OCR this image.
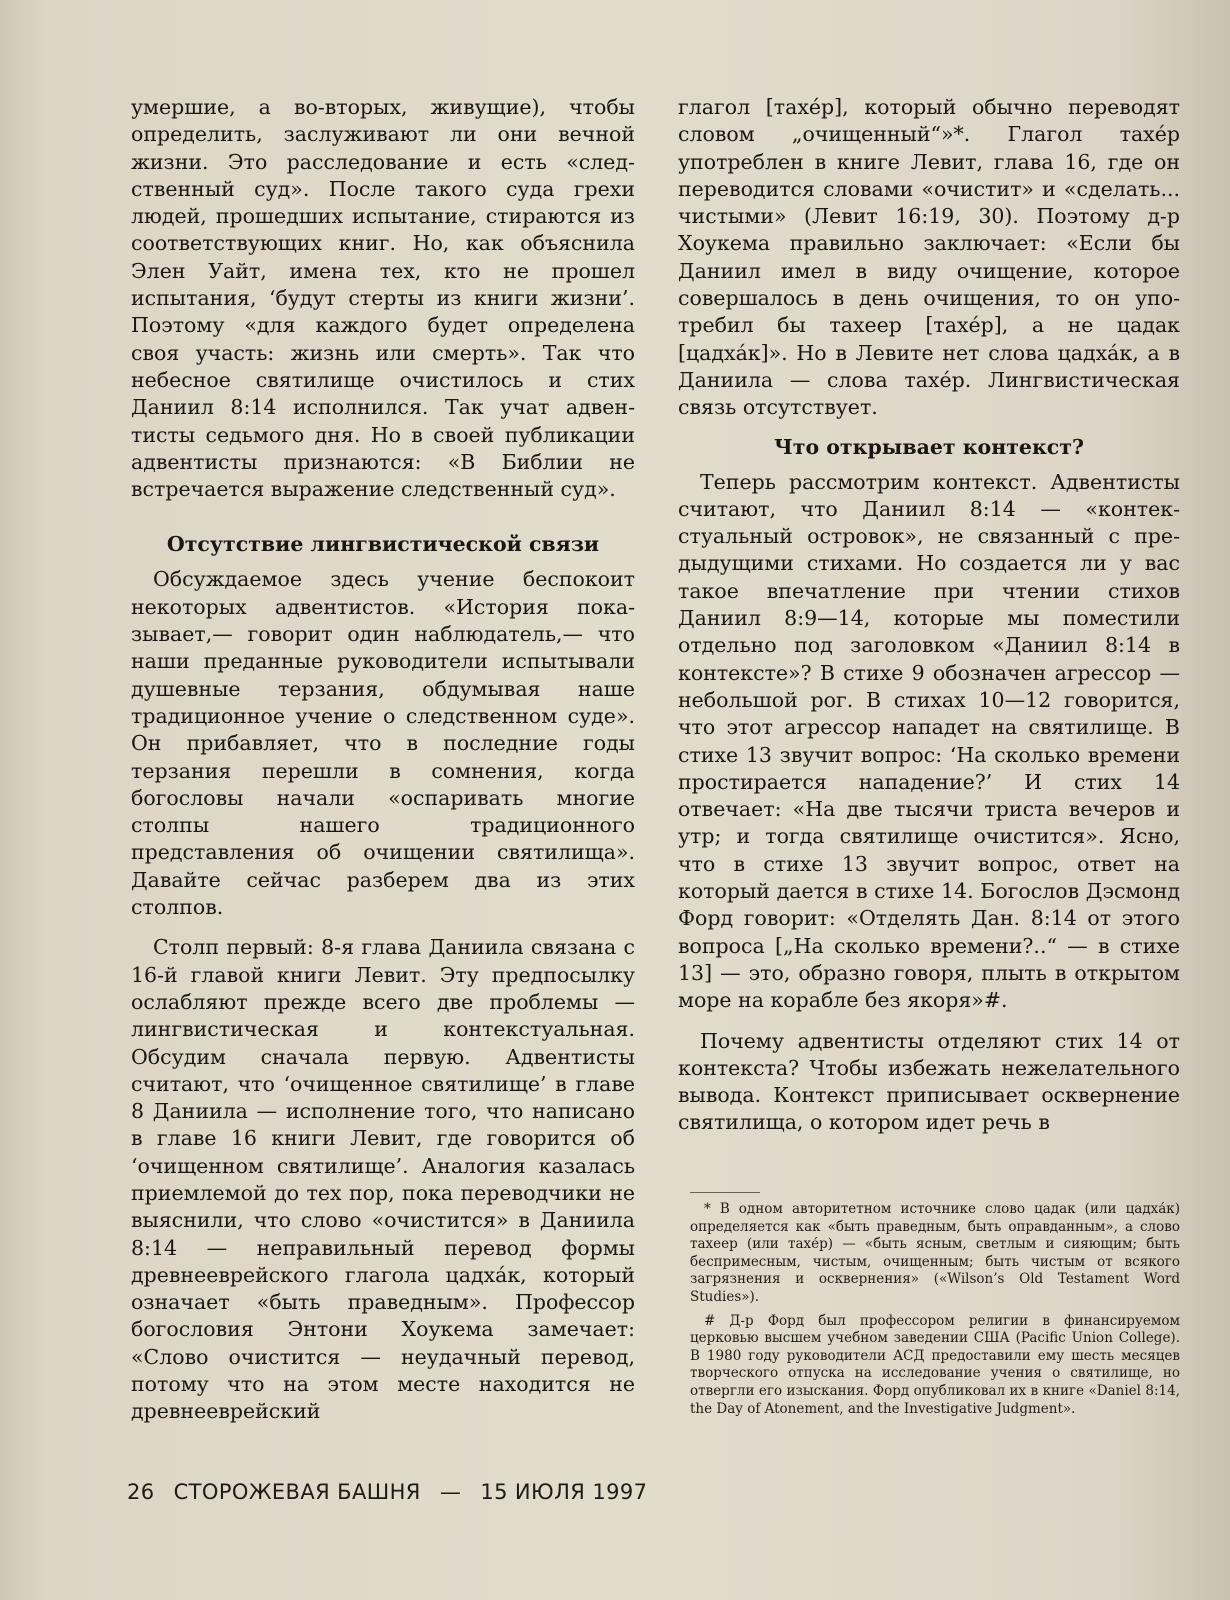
умершие, а во-вторых, живущие), чтобы определить, заслуживают ли они вечной жизни. Это расследование и есть «следственный суд». После такого суда грехи людей, прошедших испытание, стираются из соответствующих книг. Но, как объяснила Элен Уайт, имена тех, кто не прошел испытания, ‘будут стерты из книги жизни’. Поэтому «для каждого будет определена своя участь: жизнь или смерть». Так что небесное святилище очистилось и стих Даниил 8:14 исполнился. Так учат адвентисты седьмого дня. Но в своей публикации адвентисты признаются: «В Библии не встречается выражение следственный суд».

Отсутствие лингвистической связи

Обсуждаемое здесь учение беспокоит некоторых адвентистов. «История показывает,— говорит один наблюдатель,— что наши преданные руководители испытывали душевные терзания, обдумывая наше традиционное учение о следственном суде». Он прибавляет, что в последние годы терзания перешли в сомнения, когда богословы начали «оспаривать многие столпы нашего традиционного представления об очищении святилища». Давайте сейчас разберем два из этих столпов.

Столп первый: 8-я глава Даниила связана с 16-й главой книги Левит. Эту предпосылку ослабляют прежде всего две проблемы — лингвистическая и контекстуальная. Обсудим сначала первую. Адвентисты считают, что ‘очищенное святилище’ в главе 8 Даниила — исполнение того, что написано в главе 16 книги Левит, где говорится об ‘очищенном святилище’. Аналогия казалась приемлемой до тех пор, пока переводчики не выяснили, что слово «очистится» в Даниила 8:14 — неправильный перевод формы древнееврейского глагола цадха́к, который означает «быть праведным». Профессор богословия Энтони Хоукема замечает: «Слово очистится — неудачный перевод, потому что на этом месте находится не древнееврейский

глагол [тахе́р], который обычно переводят словом „очищенный“»*. Глагол тахе́р употреблен в книге Левит, глава 16, где он переводится словами «очистит» и «сделать... чистыми» (Левит 16:19, 30). Поэтому д-р Хоукема правильно заключает: «Если бы Даниил имел в виду очищение, которое совершалось в день очищения, то он употребил бы тахеер [тахе́р], а не цадак [цадха́к]». Но в Левите нет слова цадха́к, а в Даниила — слова тахе́р. Лингвистическая связь отсутствует.

Что открывает контекст?

Теперь рассмотрим контекст. Адвентисты считают, что Даниил 8:14 — «контекстуальный островок», не связанный с предыдущими стихами. Но создается ли у вас такое впечатление при чтении стихов Даниил 8:9—14, которые мы поместили отдельно под заголовком «Даниил 8:14 в контексте»? В стихе 9 обозначен агрессор — небольшой рог. В стихах 10—12 говорится, что этот агрессор нападет на святилище. В стихе 13 звучит вопрос: ‘На сколько времени простирается нападение?’ И стих 14 отвечает: «На две тысячи триста вечеров и утр; и тогда святилище очистится». Ясно, что в стихе 13 звучит вопрос, ответ на который дается в стихе 14. Богослов Дэсмонд Форд говорит: «Отделять Дан. 8:14 от этого вопроса [„На сколько времени?..“ — в стихе 13] — это, образно говоря, плыть в открытом море на корабле без якоря»#.

Почему адвентисты отделяют стих 14 от контекста? Чтобы избежать нежелательного вывода. Контекст приписывает осквернение святилища, о котором идет речь в

* В одном авторитетном источнике слово цадак (или цадха́к) определяется как «быть праведным, быть оправданным», а слово тахеер (или тахе́р) — «быть ясным, светлым и сияющим; быть беспримесным, чистым, очищенным; быть чистым от всякого загрязнения и осквернения» («Wilson’s Old Testament Word Studies»).

# Д-р Форд был профессором религии в финансируемом церковью высшем учебном заведении США (Pacific Union College). В 1980 году руководители АСД предоставили ему шесть месяцев творческого отпуска на исследование учения о святилище, но отвергли его изыскания. Форд опубликовал их в книге «Daniel 8:14, the Day of Atonement, and the Investigative Judgment».

26 СТОРОЖЕВАЯ БАШНЯ — 15 ИЮЛЯ 1997
